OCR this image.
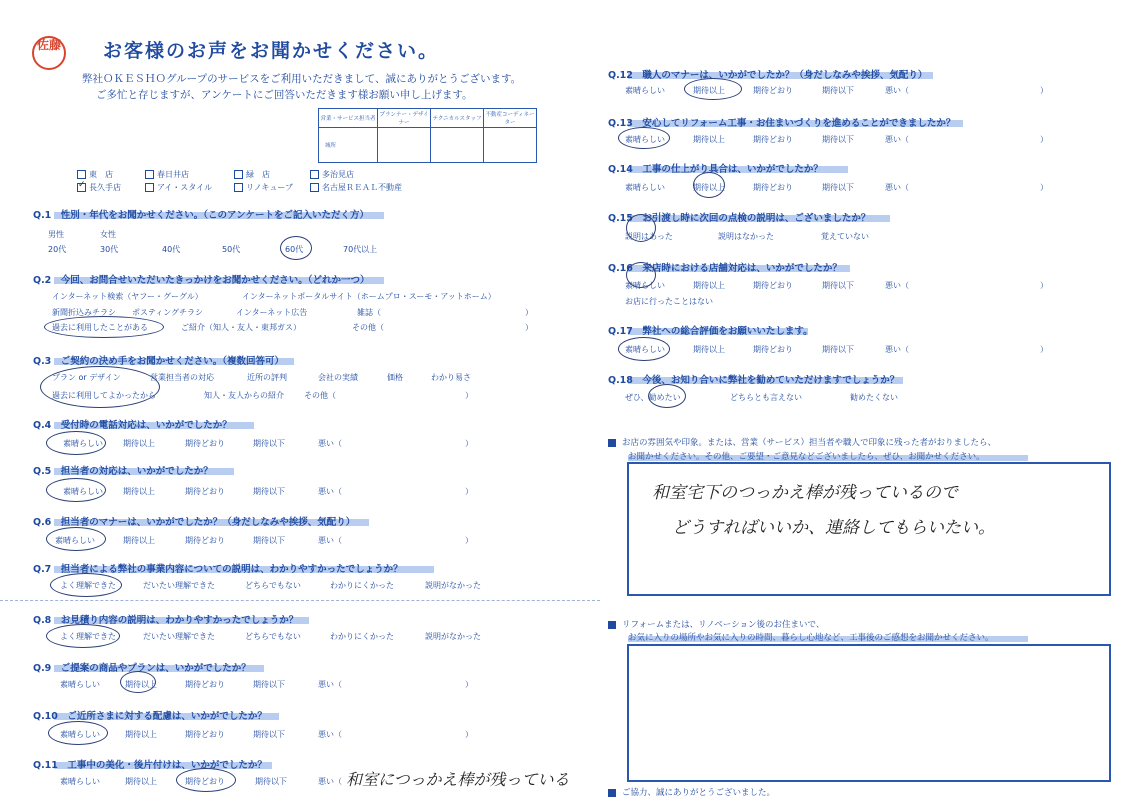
佐藤 お客様のお声をお聞かせください。
弊社ＯＫＥＳＨＯグループのサービスをご利用いただきまして、誠にありがとうございます。
ご多忙と存じますが、アンケートにご回答いただきます様お願い申し上げます。
営業・サービス担当者	プランナー・デザイナー	テクニカルスタッフ	不動産コーディネーター
城所			
東　店	春日井店	緑　店	多治見店
✓ 長久手店	アイ・スタイル	リノキューブ	名古屋ＲＥＡＬ不動産
Q.1　性別・年代をお聞かせください。（このアンケートをご記入いただく方）
男性	女性
20代	30代	40代	50代	60代	70代以上
Q.2　今回、お問合せいただいたきっかけをお聞かせください。（どれか一つ）
インターネット検索（ヤフー・グーグル）	インターネットポータルサイト（ホームプロ・スーモ・アットホーム）
新聞折込みチラシ ポスティングチラシ	インターネット広告	雑誌（	）
過去に利用したことがある	ご紹介（知人・友人・東邦ガス）	その他（	）
Q.3　ご契約の決め手をお聞かせください。（複数回答可）
プラン or デザイン	営業担当者の対応	近所の評判	会社の実績	価格	わかり易さ
過去に利用してよかったから	知人・友人からの紹介	その他（	）
Q.4　受付時の電話対応は、いかがでしたか？
素晴らしい	期待以上	期待どおり	期待以下	悪い（	）
Q.5　担当者の対応は、いかがでしたか？
素晴らしい	期待以上	期待どおり	期待以下	悪い（	）
Q.6　担当者のマナーは、いかがでしたか？（身だしなみや挨拶、気配り）
素晴らしい	期待以上	期待どおり	期待以下	悪い（	）
Q.7　担当者による弊社の事業内容についての説明は、わかりやすかったでしょうか？
よく理解できた	だいたい理解できた	どちらでもない	わかりにくかった	説明がなかった
Q.8　お見積り内容の説明は、わかりやすかったでしょうか？
よく理解できた	だいたい理解できた	どちらでもない	わかりにくかった	説明がなかった
Q.9　ご提案の商品やプランは、いかがでしたか？
素晴らしい	期待以上	期待どおり	期待以下	悪い（	）
Q.10　ご近所さまに対する配慮は、いかがでしたか？
素晴らしい	期待以上	期待どおり	期待以下	悪い（	）
Q.11　工事中の美化・後片付けは、いかがでしたか？
素晴らしい	期待以上	期待どおり	期待以下	悪い（ 和室につっかえ棒が残っている
Q.12　職人のマナーは、いかがでしたか？（身だしなみや挨拶、気配り）
素晴らしい	期待以上	期待どおり	期待以下	悪い（	）
Q.13　安心してリフォーム工事・お住まいづくりを進めることができましたか？
素晴らしい	期待以上	期待どおり	期待以下	悪い（	）
Q.14　工事の仕上がり具合は、いかがでしたか？
素晴らしい	期待以上	期待どおり	期待以下	悪い（	）
Q.15　お引渡し時に次回の点検の説明は、ございましたか？
説明はあった	説明はなかった	覚えていない
Q.16　来店時における店舗対応は、いかがでしたか？
素晴らしい	期待以上	期待どおり	期待以下	悪い（	）
お店に行ったことはない
Q.17　弊社への総合評価をお願いいたします。
素晴らしい	期待以上	期待どおり	期待以下	悪い（	）
Q.18　今後、お知り合いに弊社を勧めていただけますでしょうか？
ぜひ、勧めたい	どちらとも言えない	勧めたくない
お店の雰囲気や印象。または、営業（サービス）担当者や職人で印象に残った者がおりましたら、
お聞かせください。その他、ご要望・ご意見などございましたら、ぜひ、お聞かせください。
和室宅下のつっかえ棒が残っているので
どうすればいいか、連絡してもらいたい。
リフォームまたは、リノベーション後のお住まいで、
お気に入りの場所やお気に入りの時間、暮らし心地など、工事後のご感想をお聞かせください。
ご協力、誠にありがとうございました。
